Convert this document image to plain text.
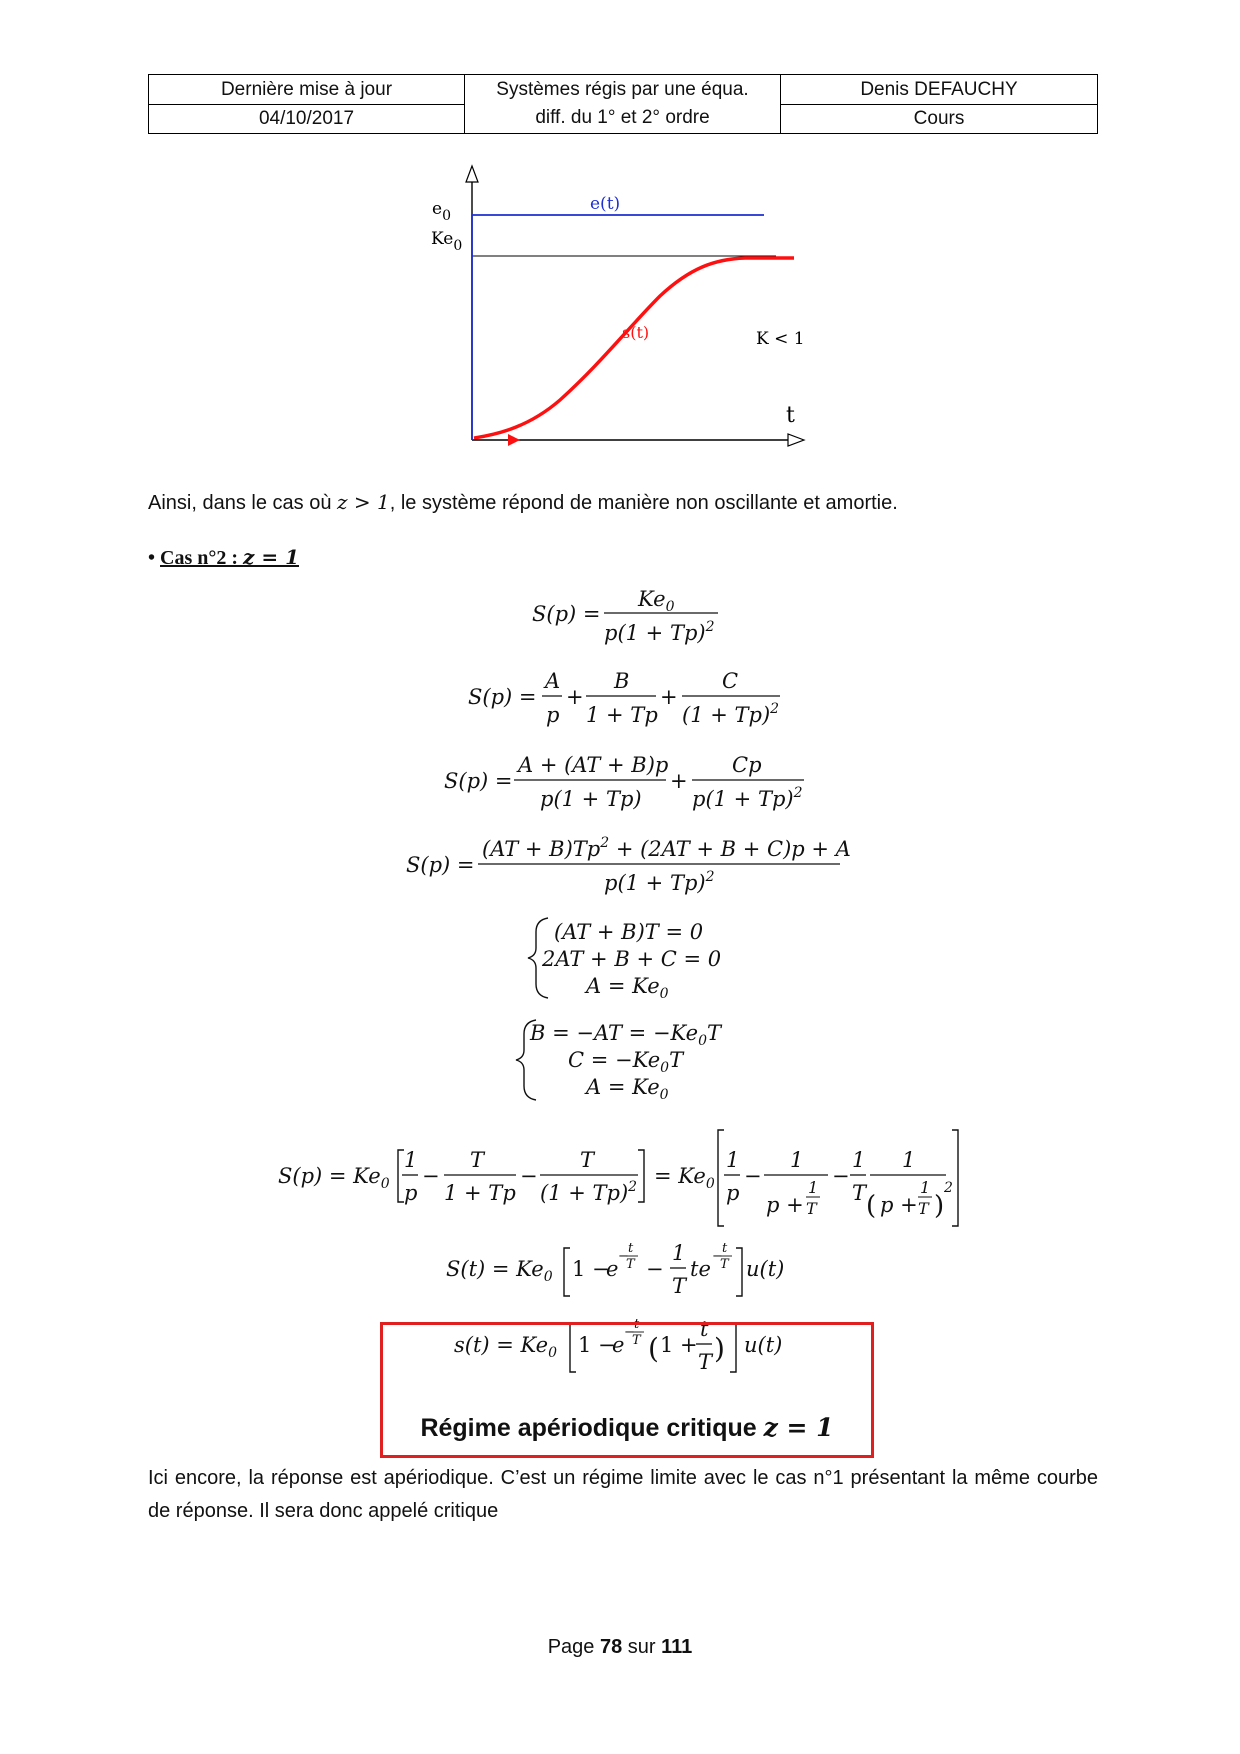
Dernière mise à jour
04/10/2017
Systèmes régis par une équa.
diff. du 1° et 2° ordre
Denis DEFAUCHY
Cours
$e_0$
$Ke_0$
e(t)
s(t)	K < 1
t
Ainsi, dans le cas où z > 1, le système répond de manière non oscillante et amortie.
• Cas n°2 : z = 1
S(p) =
$Ke_0$
$p(1 + Tp)^2$
S(p) =
A
p
+
B
1 + Tp
+
C
$(1 + Tp)^2$
S(p) =
A + (AT + B)p
p(1 + Tp)
+
Cp
$p(1 + Tp)^2$
S(p) =
$(AT + B)Tp^2 + (2AT + B + C)p + A$
$p(1 + Tp)^2$
(AT + B)T = 0
2AT + B + C = 0
$A = Ke_0$
$B = -AT = -Ke_0T$
$C = -Ke_0T$
$A = Ke_0$
$S(p) = Ke_0$
1
p
−
T
1 + Tp
−
T
$(1 + Tp)^2 = Ke_0$
1
p
−
1
p +
1
T
−
1
T
1
( p +
1
T )
2
$S(t) = Ke_0$ 1 −
e
−
t
T −
1
T
te
−
t
T u(t)
$s(t) = Ke_0$ 1 −
e
−
t
T ( 1 +
t
T ) u(t)
Régime apériodique critique z = 1
Ici encore, la réponse est apériodique. C’est un régime limite avec le cas n°1 présentant la même courbe de réponse. Il sera donc appelé critique
Page 78 sur 111
